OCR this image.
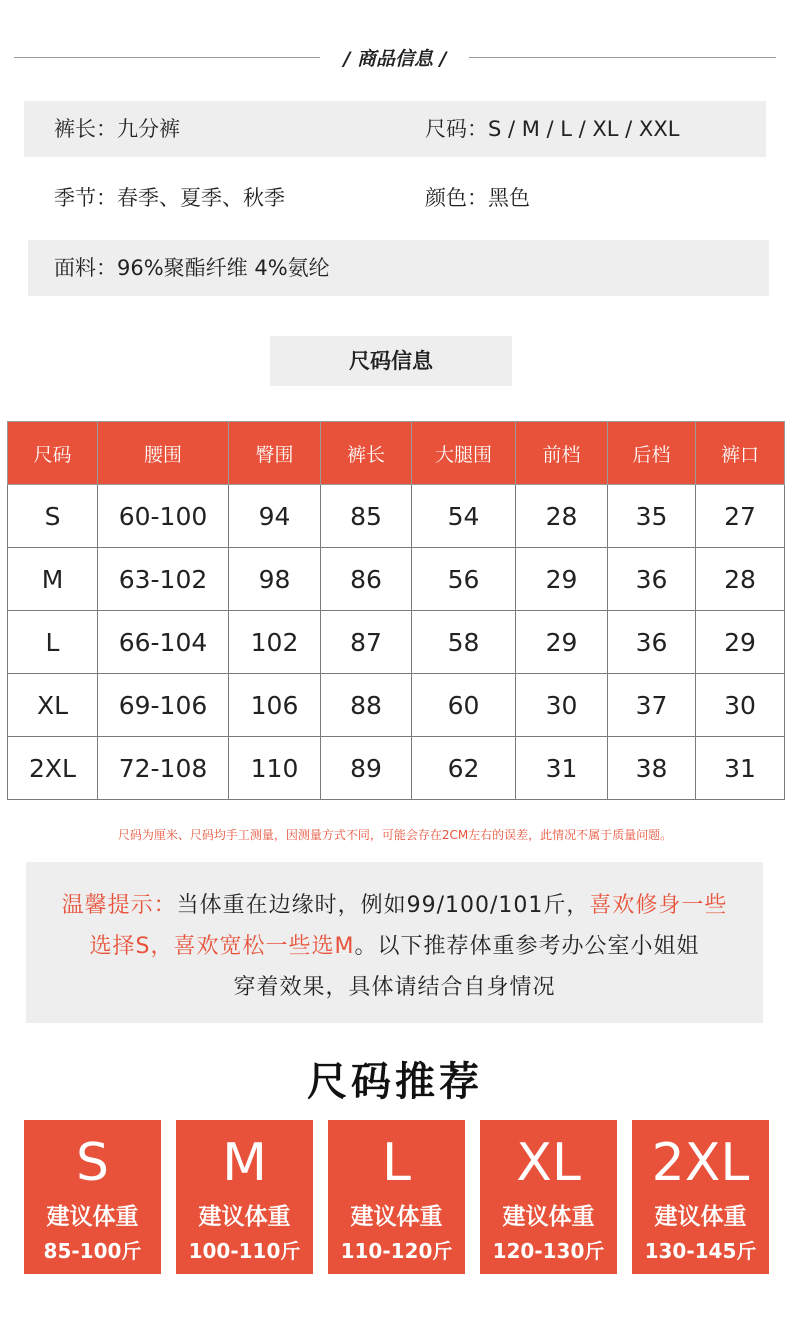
/ 商品信息 /
裤长：九分裤	尺码：S / M / L / XL / XXL
季节：春季、夏季、秋季	颜色：黑色
面料：96%聚酯纤维 4%氨纶
尺码信息
尺码	腰围	臀围	裤长	大腿围	前档	后档	裤口
S	60-100	94	85	54	28	35	27
M	63-102	98	86	56	29	36	28
L	66-104	102	87	58	29	36	29
XL	69-106	106	88	60	30	37	30
2XL	72-108	110	89	62	31	38	31
尺码为厘米、尺码均手工测量，因测量方式不同，可能会存在2CM左右的误差，此情况不属于质量问题。
温馨提示：当体重在边缘时，例如99/100/101斤，喜欢修身一些
选择S，喜欢宽松一些选M。以下推荐体重参考办公室小姐姐
穿着效果，具体请结合自身情况
尺码推荐
S
建议体重
85-100斤
M
建议体重
100-110斤
L
建议体重
110-120斤
XL
建议体重
120-130斤
2XL
建议体重
130-145斤
